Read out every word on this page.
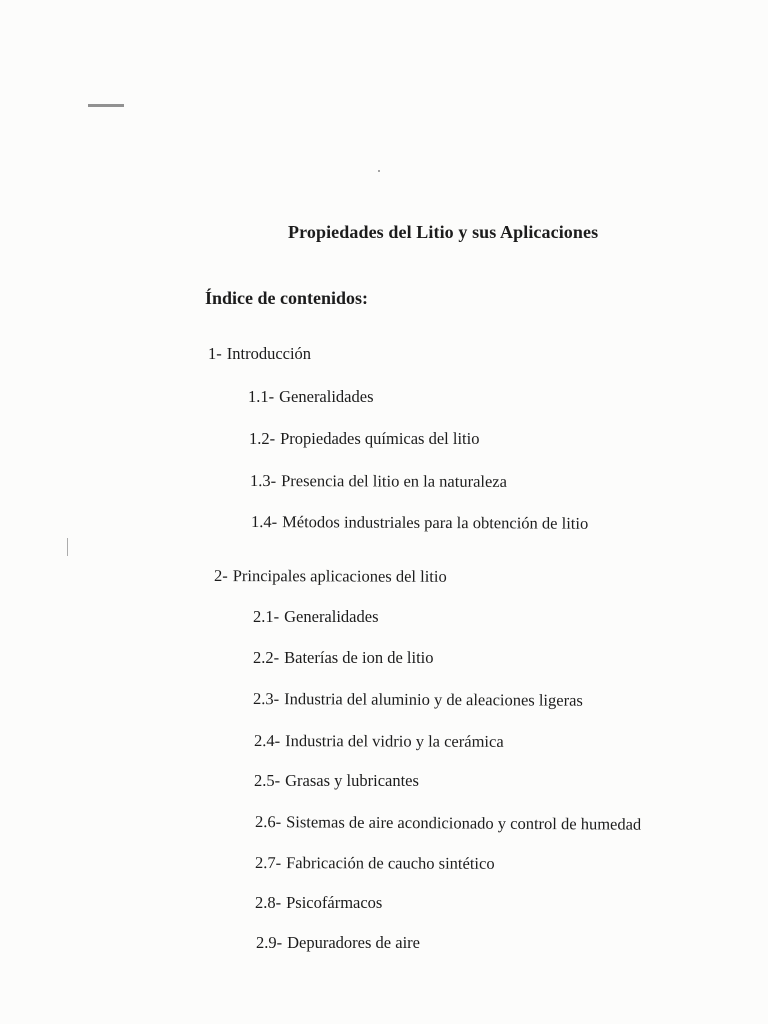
Propiedades del Litio y sus Aplicaciones
Índice de contenidos:
1- Introducción
1.1- Generalidades
1.2- Propiedades químicas del litio
1.3- Presencia del litio en la naturaleza
1.4- Métodos industriales para la obtención de litio
2- Principales aplicaciones del litio
2.1- Generalidades
2.2- Baterías de ion de litio
2.3- Industria del aluminio y de aleaciones ligeras
2.4- Industria del vidrio y la cerámica
2.5- Grasas y lubricantes
2.6- Sistemas de aire acondicionado y control de humedad
2.7- Fabricación de caucho sintético
2.8- Psicofármacos
2.9- Depuradores de aire
